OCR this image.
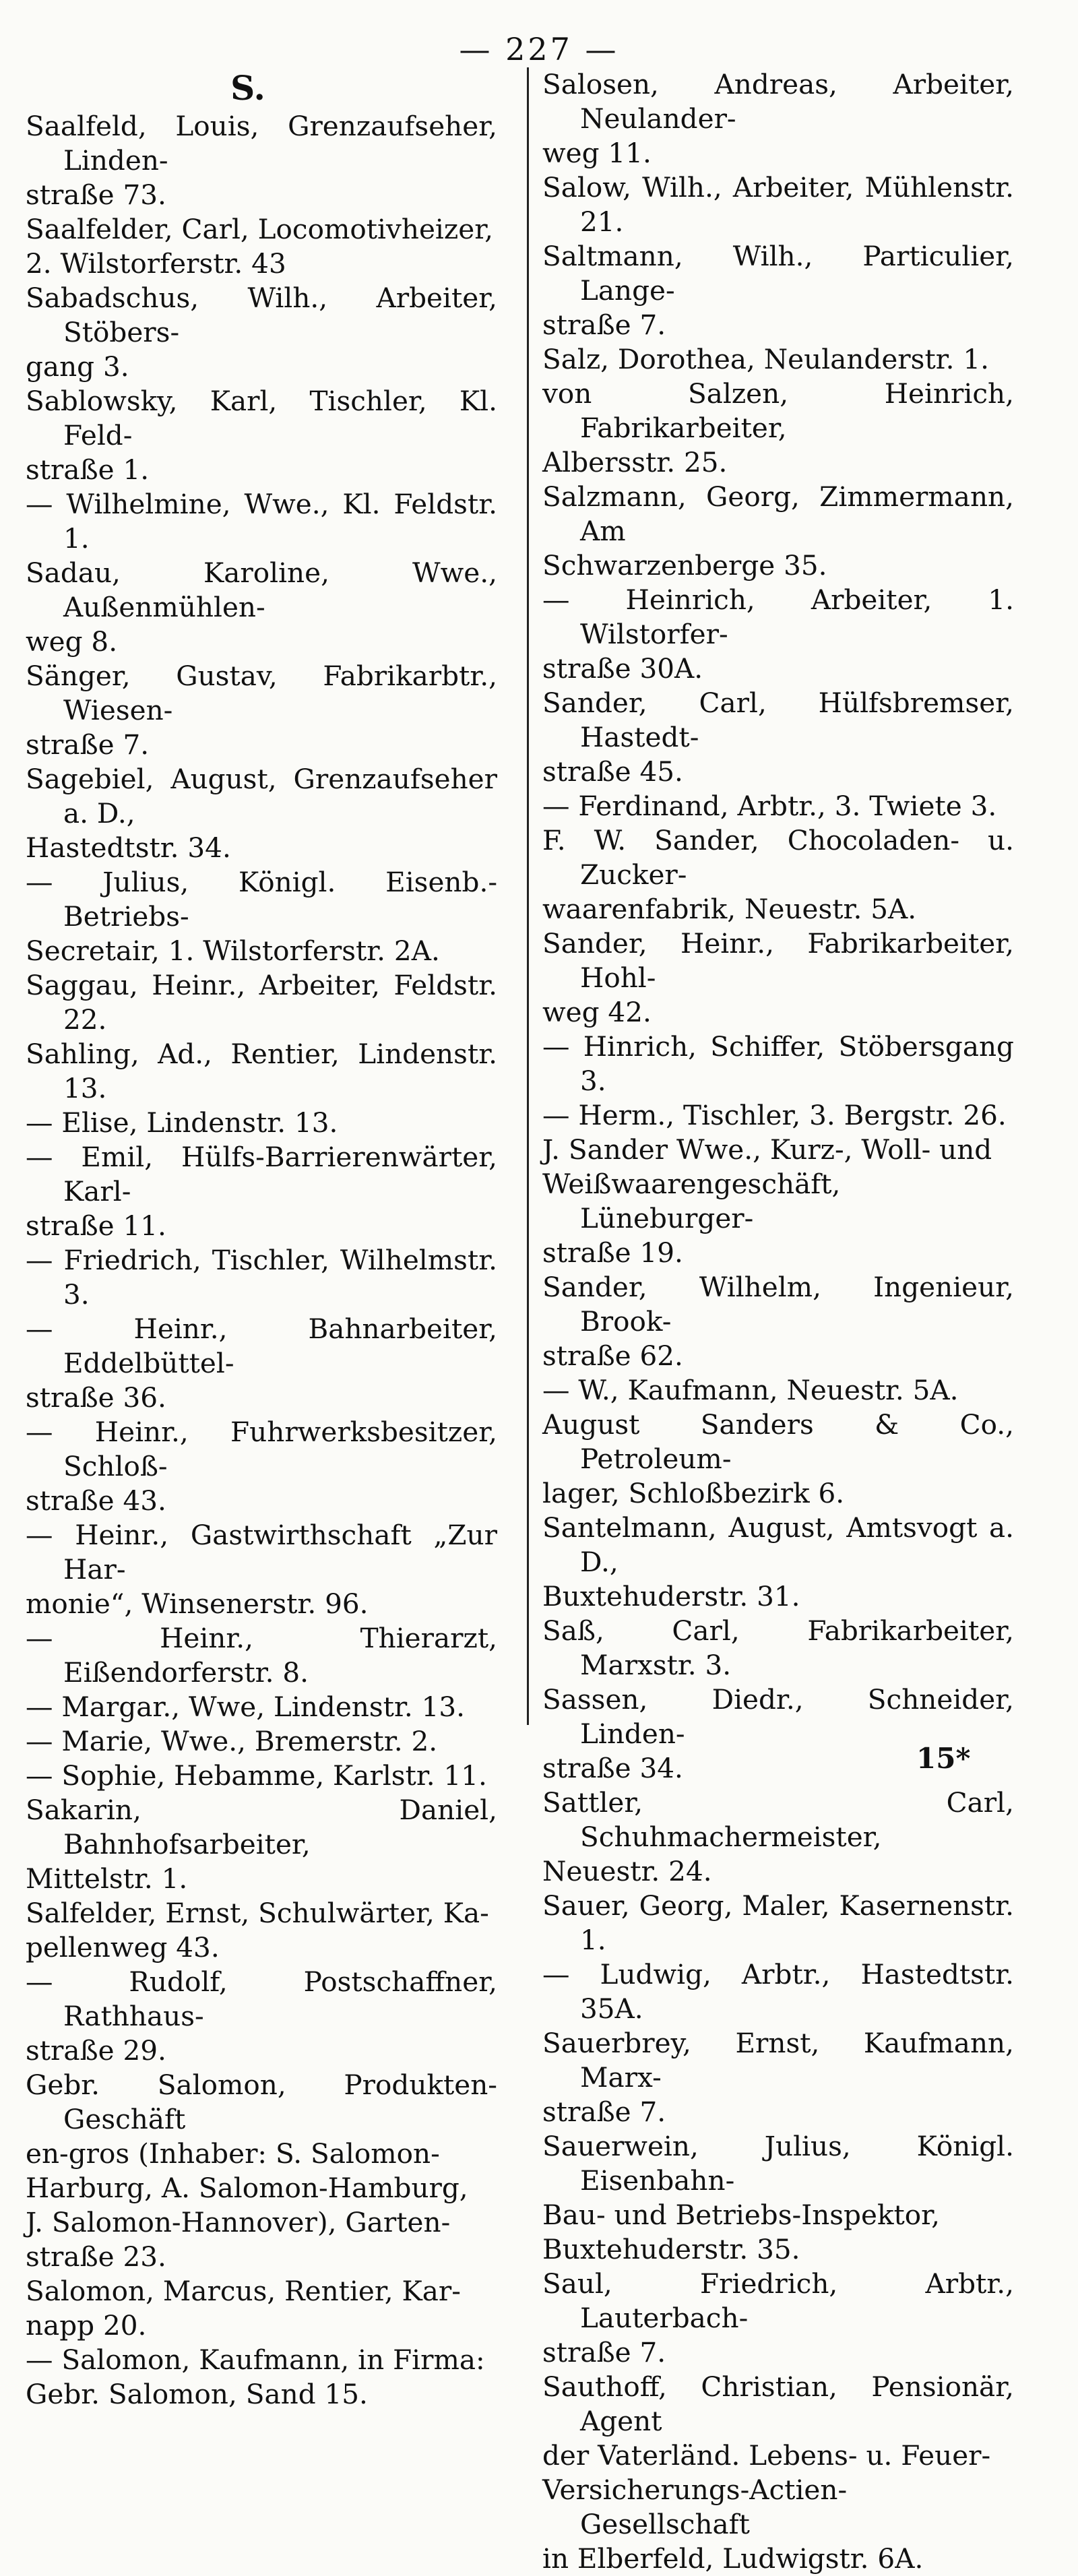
— 227 —
S.
Saalfeld, Louis, Grenzaufseher, Linden-
straße 73.
Saalfelder, Carl, Locomotivheizer,
2. Wilstorferstr. 43
Sabadschus, Wilh., Arbeiter, Stöbers-
gang 3.
Sablowsky, Karl, Tischler, Kl. Feld-
straße 1.
— Wilhelmine, Wwe., Kl. Feldstr. 1.
Sadau, Karoline, Wwe., Außenmühlen-
weg 8.
Sänger, Gustav, Fabrikarbtr., Wiesen-
straße 7.
Sagebiel, August, Grenzaufseher a. D.,
Hastedtstr. 34.
— Julius, Königl. Eisenb.-Betriebs-
Secretair, 1. Wilstorferstr. 2A.
Saggau, Heinr., Arbeiter, Feldstr. 22.
Sahling, Ad., Rentier, Lindenstr. 13.
— Elise, Lindenstr. 13.
— Emil, Hülfs-Barrierenwärter, Karl-
straße 11.
— Friedrich, Tischler, Wilhelmstr. 3.
— Heinr., Bahnarbeiter, Eddelbüttel-
straße 36.
— Heinr., Fuhrwerksbesitzer, Schloß-
straße 43.
— Heinr., Gastwirthschaft „Zur Har-
monie“, Winsenerstr. 96.
— Heinr., Thierarzt, Eißendorferstr. 8.
— Margar., Wwe, Lindenstr. 13.
— Marie, Wwe., Bremerstr. 2.
— Sophie, Hebamme, Karlstr. 11.
Sakarin, Daniel, Bahnhofsarbeiter,
Mittelstr. 1.
Salfelder, Ernst, Schulwärter, Ka-
pellenweg 43.
— Rudolf, Postschaffner, Rathhaus-
straße 29.
Gebr. Salomon, Produkten-Geschäft
en-gros (Inhaber: S. Salomon-
Harburg, A. Salomon-Hamburg,
J. Salomon-Hannover), Garten-
straße 23.
Salomon, Marcus, Rentier, Kar-
napp 20.
— Salomon, Kaufmann, in Firma:
Gebr. Salomon, Sand 15.
Salosen, Andreas, Arbeiter, Neulander-
weg 11.
Salow, Wilh., Arbeiter, Mühlenstr. 21.
Saltmann, Wilh., Particulier, Lange-
straße 7.
Salz, Dorothea, Neulanderstr. 1.
von Salzen, Heinrich, Fabrikarbeiter,
Albersstr. 25.
Salzmann, Georg, Zimmermann, Am
Schwarzenberge 35.
— Heinrich, Arbeiter, 1. Wilstorfer-
straße 30A.
Sander, Carl, Hülfsbremser, Hastedt-
straße 45.
— Ferdinand, Arbtr., 3. Twiete 3.
F. W. Sander, Chocoladen- u. Zucker-
waarenfabrik, Neuestr. 5A.
Sander, Heinr., Fabrikarbeiter, Hohl-
weg 42.
— Hinrich, Schiffer, Stöbersgang 3.
— Herm., Tischler, 3. Bergstr. 26.
J. Sander Wwe., Kurz-, Woll- und
Weißwaarengeschäft, Lüneburger-
straße 19.
Sander, Wilhelm, Ingenieur, Brook-
straße 62.
— W., Kaufmann, Neuestr. 5A.
August Sanders & Co., Petroleum-
lager, Schloßbezirk 6.
Santelmann, August, Amtsvogt a. D.,
Buxtehuderstr. 31.
Saß, Carl, Fabrikarbeiter, Marxstr. 3.
Sassen, Diedr., Schneider, Linden-
straße 34.
Sattler, Carl, Schuhmachermeister,
Neuestr. 24.
Sauer, Georg, Maler, Kasernenstr. 1.
— Ludwig, Arbtr., Hastedtstr. 35A.
Sauerbrey, Ernst, Kaufmann, Marx-
straße 7.
Sauerwein, Julius, Königl. Eisenbahn-
Bau- und Betriebs-Inspektor,
Buxtehuderstr. 35.
Saul, Friedrich, Arbtr., Lauterbach-
straße 7.
Sauthoff, Christian, Pensionär, Agent
der Vaterländ. Lebens- u. Feuer-
Versicherungs-Actien-Gesellschaft
in Elberfeld, Ludwigstr. 6A.
15*
